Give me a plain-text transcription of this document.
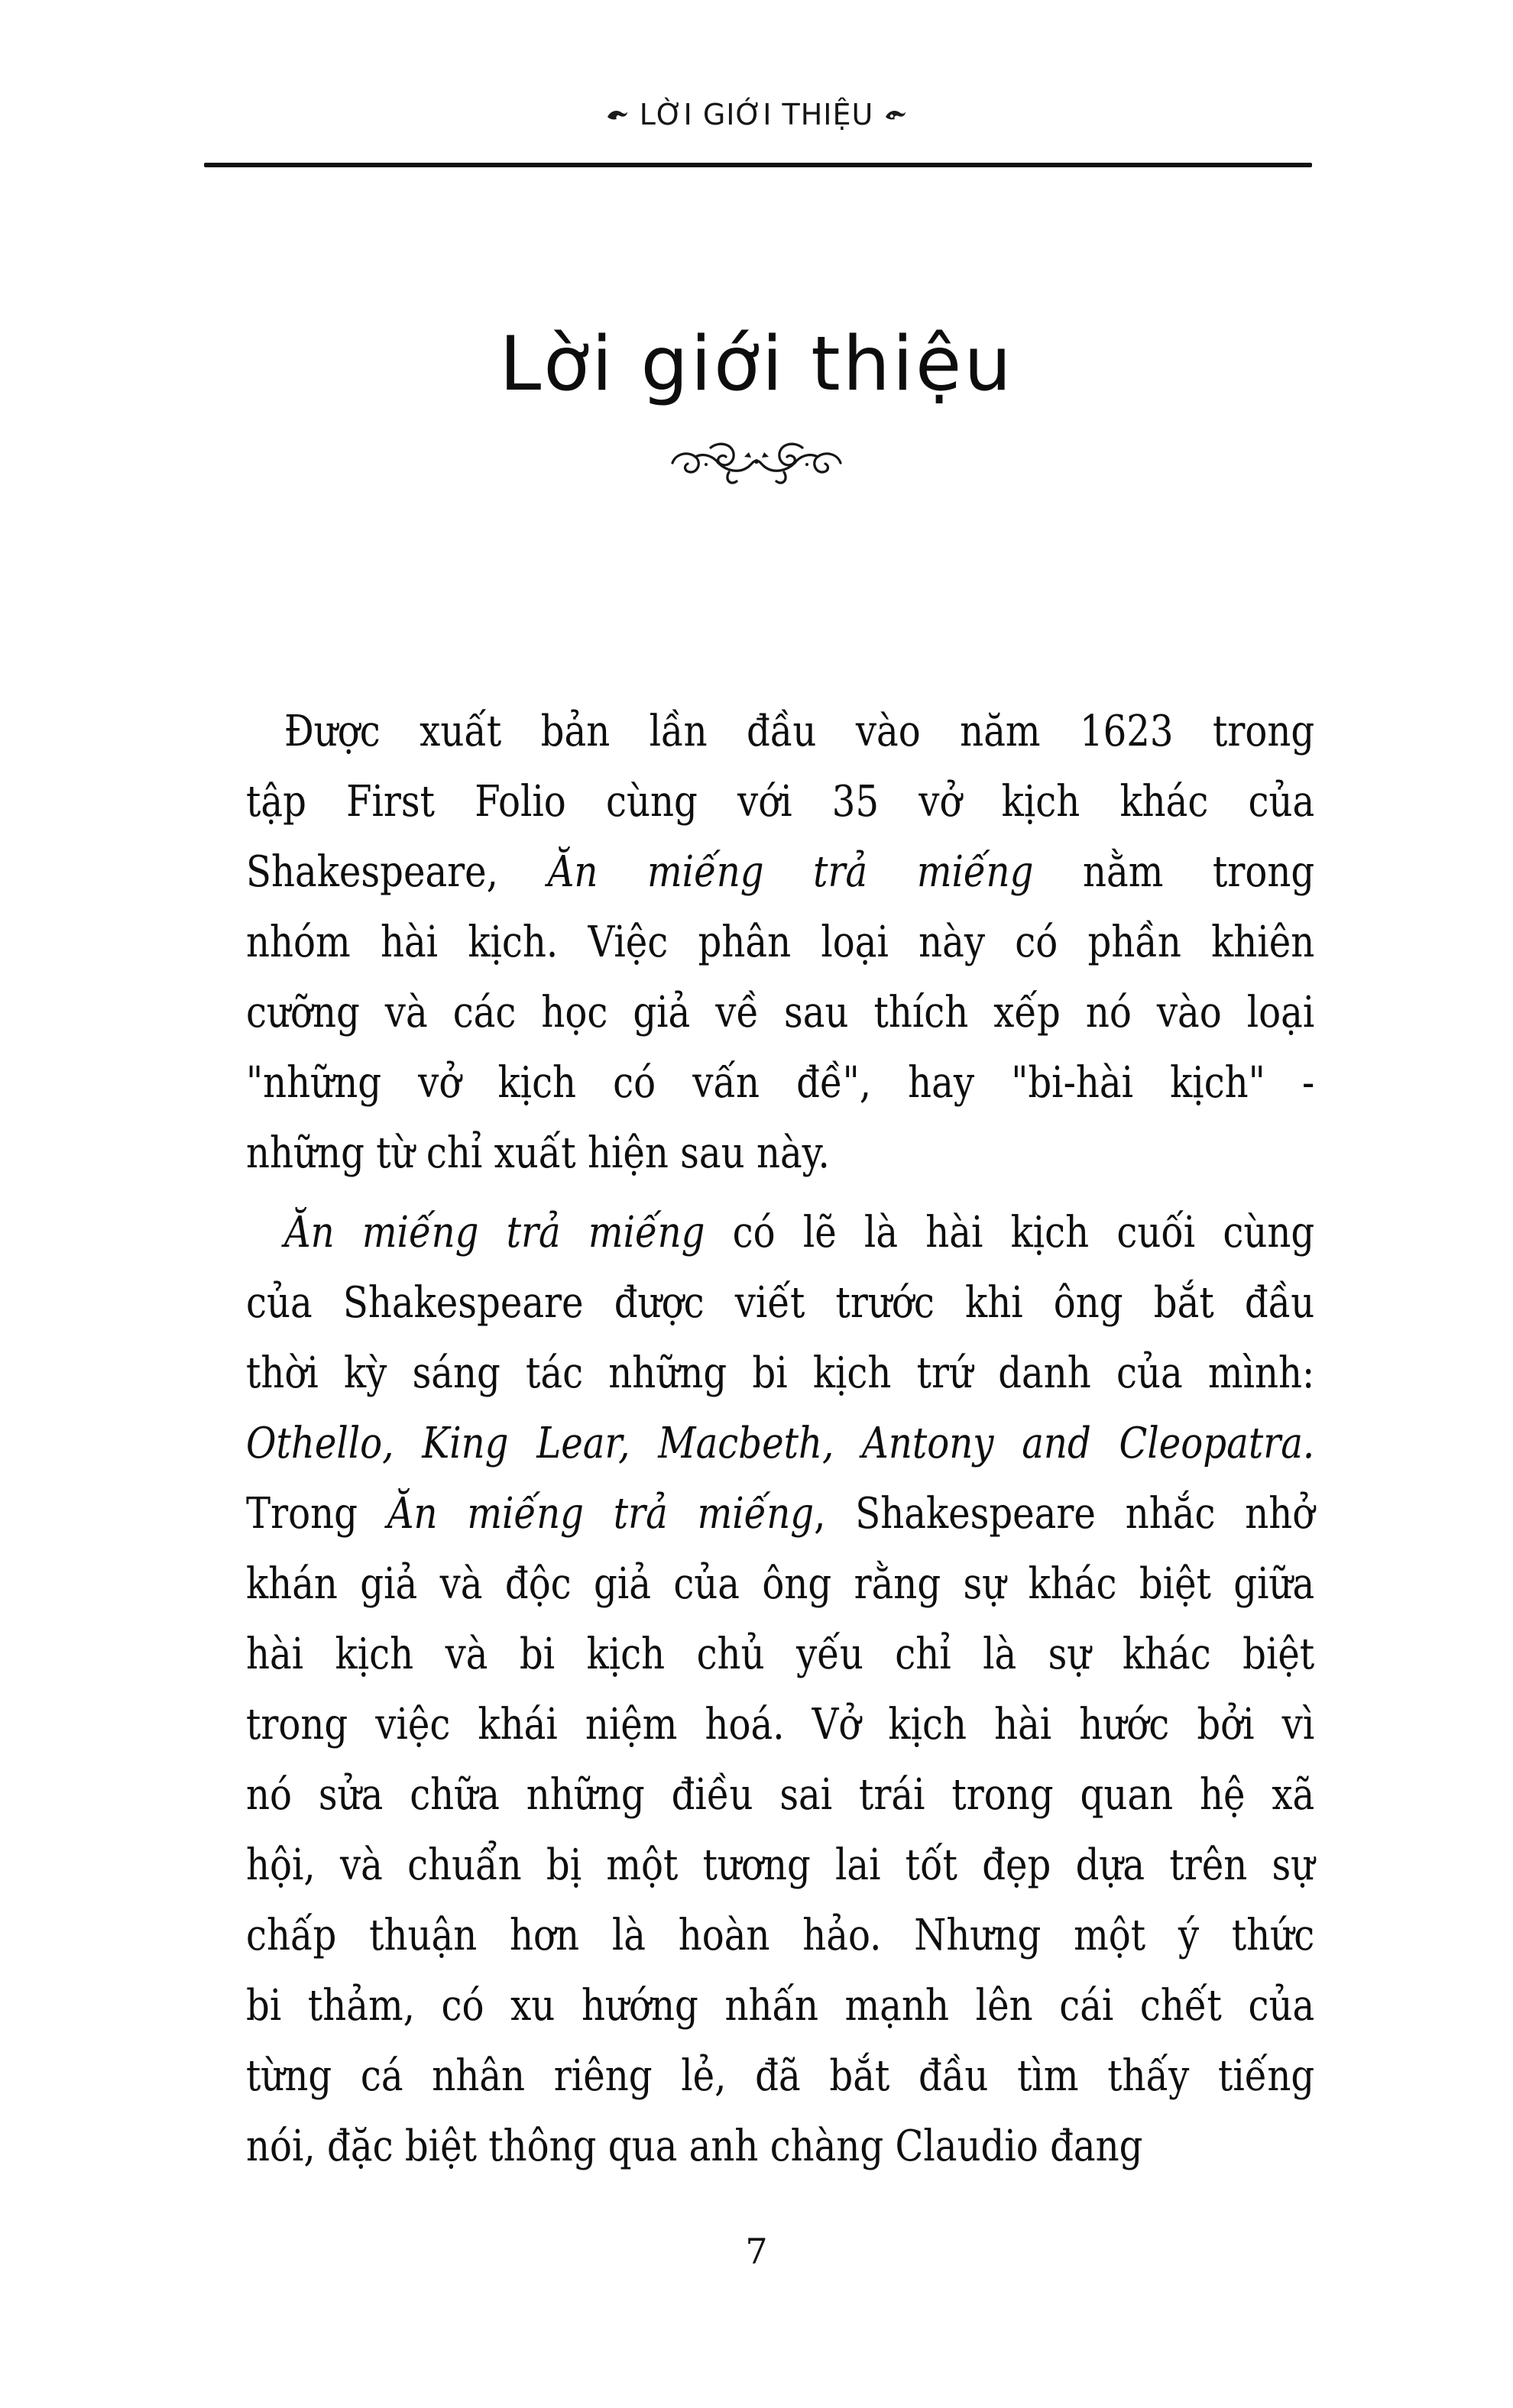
LỜI GIỚI THIỆU
Lời giới thiệu
Được xuất bản lần đầu vào năm 1623 trong
tập First Folio cùng với 35 vở kịch khác của
Shakespeare, Ăn miếng trả miếng nằm trong
nhóm hài kịch. Việc phân loại này có phần khiên
cưỡng và các học giả về sau thích xếp nó vào loại
"những vở kịch có vấn đề", hay "bi-hài kịch" -
những từ chỉ xuất hiện sau này.
Ăn miếng trả miếng có lẽ là hài kịch cuối cùng
của Shakespeare được viết trước khi ông bắt đầu
thời kỳ sáng tác những bi kịch trứ danh của mình:
Othello, King Lear, Macbeth, Antony and Cleopatra.
Trong Ăn miếng trả miếng, Shakespeare nhắc nhở
khán giả và độc giả của ông rằng sự khác biệt giữa
hài kịch và bi kịch chủ yếu chỉ là sự khác biệt
trong việc khái niệm hoá. Vở kịch hài hước bởi vì
nó sửa chữa những điều sai trái trong quan hệ xã
hội, và chuẩn bị một tương lai tốt đẹp dựa trên sự
chấp thuận hơn là hoàn hảo. Nhưng một ý thức
bi thảm, có xu hướng nhấn mạnh lên cái chết của
từng cá nhân riêng lẻ, đã bắt đầu tìm thấy tiếng
nói, đặc biệt thông qua anh chàng Claudio đang
7
